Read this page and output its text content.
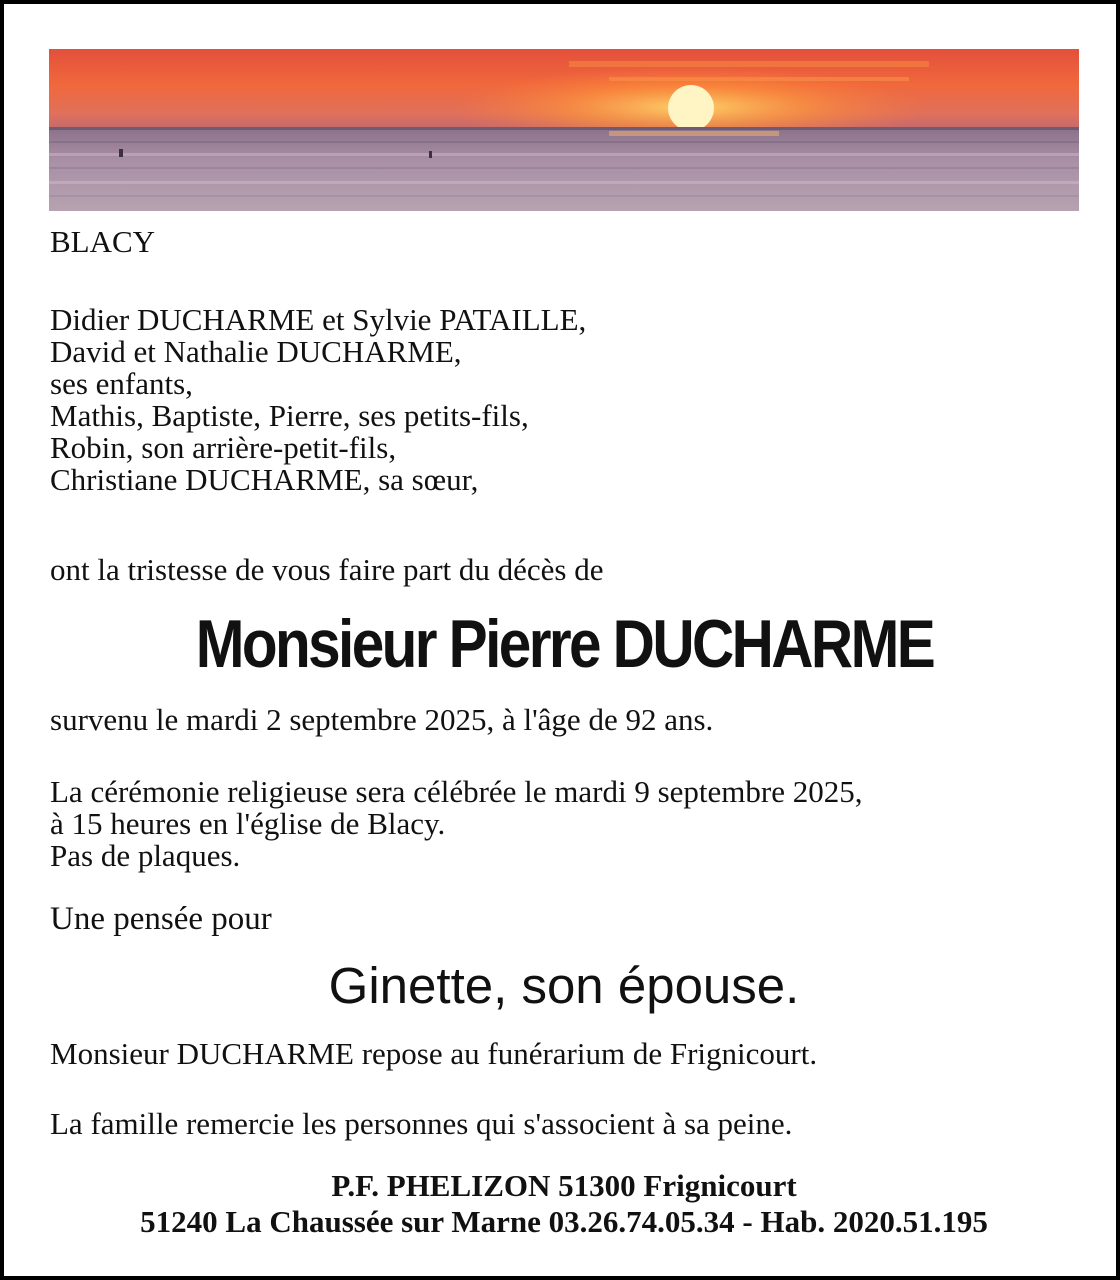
BLACY

Didier DUCHARME et Sylvie PATAILLE,
David et Nathalie DUCHARME,
ses enfants,
Mathis, Baptiste, Pierre, ses petits-fils,
Robin, son arrière-petit-fils,
Christiane DUCHARME, sa sœur,

ont la tristesse de vous faire part du décès de

Monsieur Pierre DUCHARME

survenu le mardi 2 septembre 2025, à l'âge de 92 ans.

La cérémonie religieuse sera célébrée le mardi 9 septembre 2025,
à 15 heures en l'église de Blacy.
Pas de plaques.

Une pensée pour

Ginette, son épouse.

Monsieur DUCHARME repose au funérarium de Frignicourt.

La famille remercie les personnes qui s'associent à sa peine.

P.F. PHELIZON 51300 Frignicourt
51240 La Chaussée sur Marne 03.26.74.05.34 - Hab. 2020.51.195
